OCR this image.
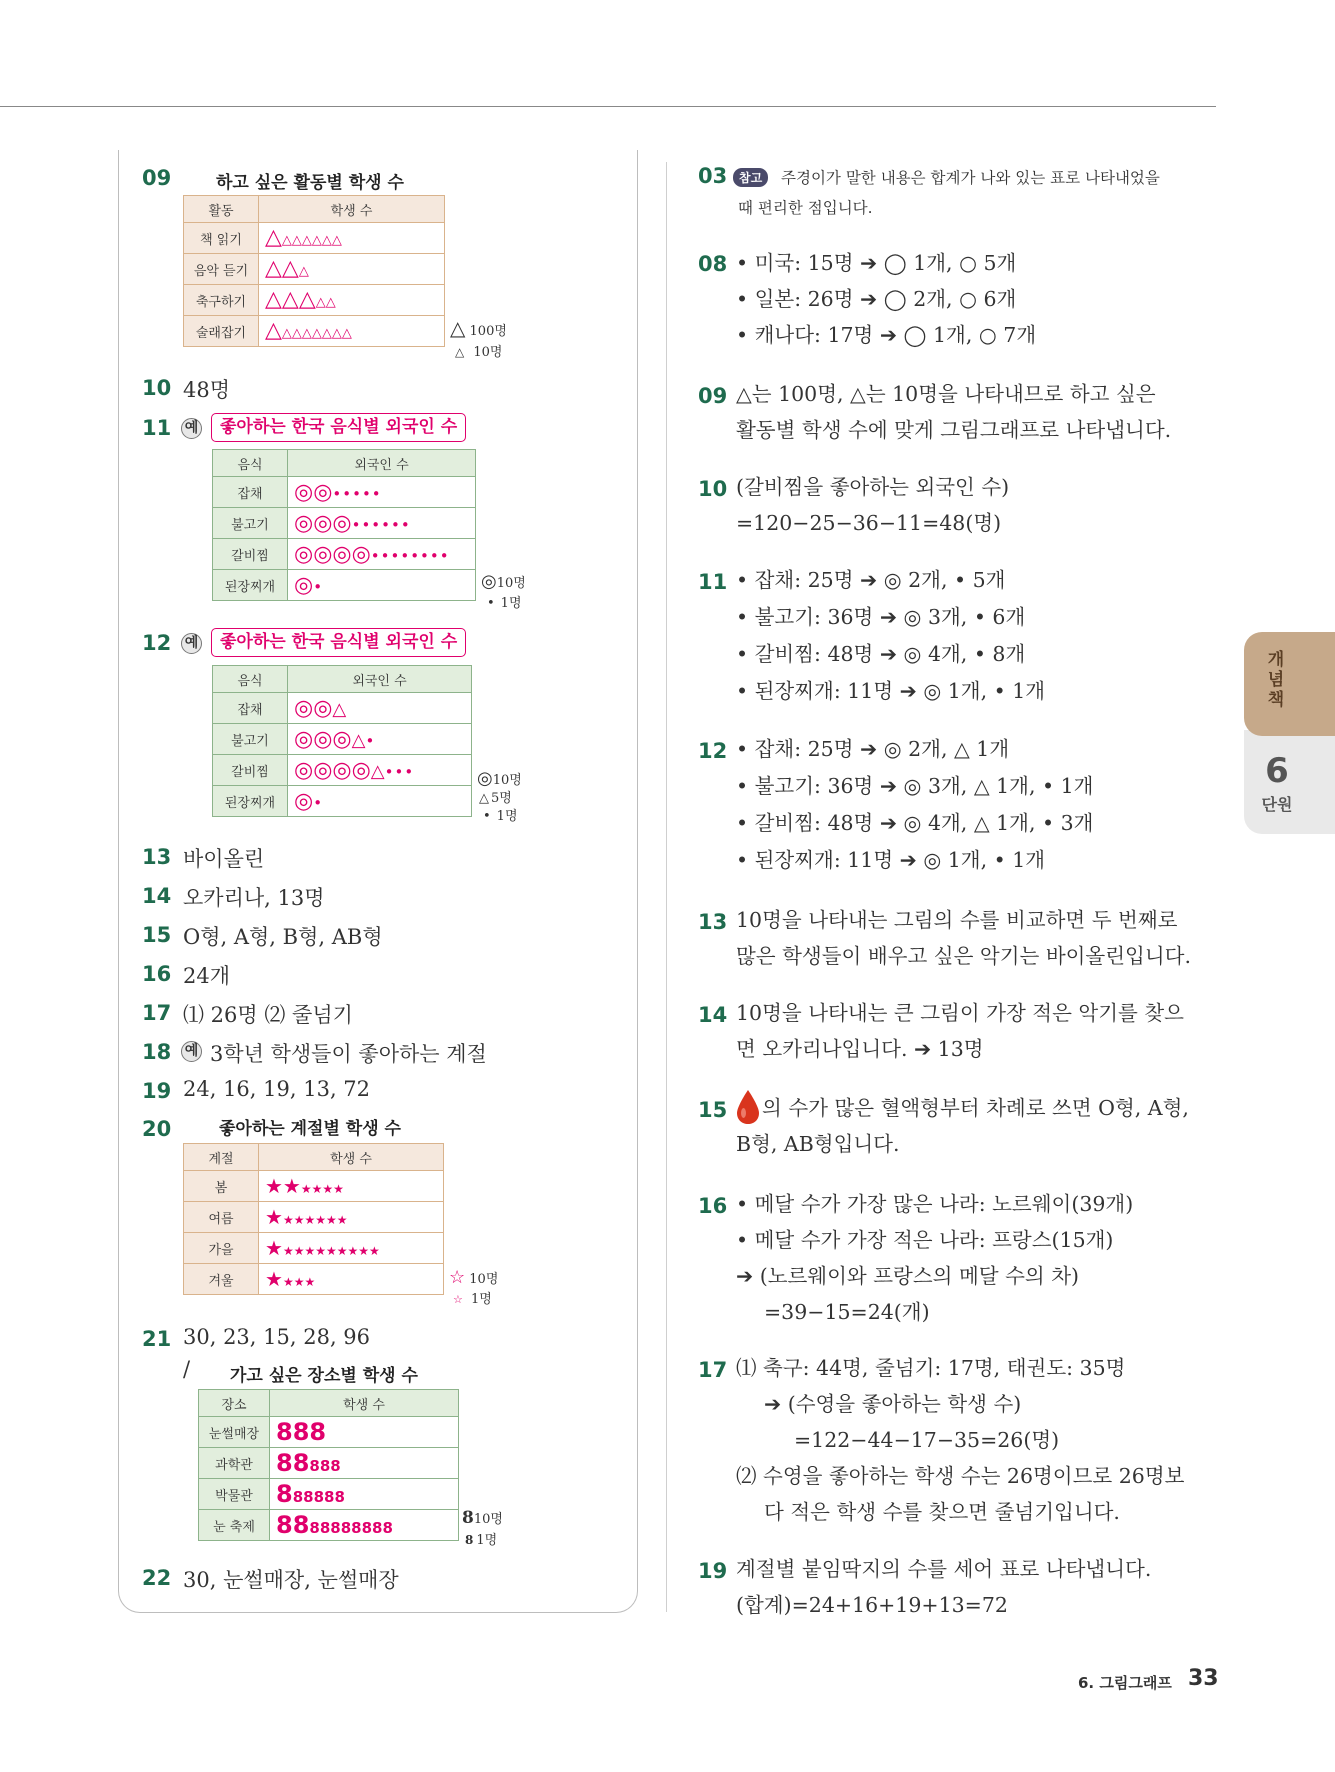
09	하고 싶은 활동별 학생 수
활동	학생 수
책 읽기	△△△△△△△
음악 듣기	△△△
축구하기	△△△△△
술래잡기	△△△△△△△△	△ 100명
△ 10명
10 48명
11 예	좋아하는 한국 음식별 외국인 수
음식	외국인 수
잡채	◎◎•••••
불고기	◎◎◎••••••
갈비찜	◎◎◎◎••••••••
된장찌개	◎•	◎10명
• 1명
12 예	좋아하는 한국 음식별 외국인 수
음식	외국인 수
잡채	◎◎△
불고기	◎◎◎△•
갈비찜	◎◎◎◎△•••
된장찌개	◎•
◎10명
△ 5명
• 1명
13 바이올린
14 오카리나, 13명
15 O형, A형, B형, AB형
16 24개
17 ⑴ 26명 ⑵ 줄넘기
18 예 3학년 학생들이 좋아하는 계절
19 24, 16, 19, 13, 72
20	좋아하는 계절별 학생 수
계절	학생 수
봄	★★★★★★
여름	★★★★★★★
가을	★★★★★★★★★★
겨울	★★★★	☆ 10명
☆ 1명
21 30, 23, 15, 28, 96
/ 가고 싶은 장소별 학생 수
장소	학생 수
눈썰매장	888
과학관	88888
박물관	888888
눈 축제	8888888888	810명
8 1명
22 30, 눈썰매장, 눈썰매장
03 참고	주경이가 말한 내용은 합계가 나와 있는 표로 나타내었을
때 편리한 점입니다.
08 • 미국: 15명 ➔ ◯ 1개, ○ 5개
• 일본: 26명 ➔ ◯ 2개, ○ 6개
• 캐나다: 17명 ➔ ◯ 1개, ○ 7개
09 △는 100명, △는 10명을 나타내므로 하고 싶은
활동별 학생 수에 맞게 그림그래프로 나타냅니다.
10 (갈비찜을 좋아하는 외국인 수)
=120−25−36−11=48(명)
11 • 잡채: 25명 ➔ ◎ 2개, • 5개
• 불고기: 36명 ➔ ◎ 3개, • 6개
• 갈비찜: 48명 ➔ ◎ 4개, • 8개
• 된장찌개: 11명 ➔ ◎ 1개, • 1개
12 • 잡채: 25명 ➔ ◎ 2개, △ 1개
• 불고기: 36명 ➔ ◎ 3개, △ 1개, • 1개
• 갈비찜: 48명 ➔ ◎ 4개, △ 1개, • 3개
• 된장찌개: 11명 ➔ ◎ 1개, • 1개
13 10명을 나타내는 그림의 수를 비교하면 두 번째로
많은 학생들이 배우고 싶은 악기는 바이올린입니다.
14 10명을 나타내는 큰 그림이 가장 적은 악기를 찾으
면 오카리나입니다. ➔ 13명
15	의 수가 많은 혈액형부터 차례로 쓰면 O형, A형,
B형, AB형입니다.
16 • 메달 수가 가장 많은 나라: 노르웨이(39개)
• 메달 수가 가장 적은 나라: 프랑스(15개)
➔ (노르웨이와 프랑스의 메달 수의 차)
=39−15=24(개)
17 ⑴ 축구: 44명, 줄넘기: 17명, 태권도: 35명
➔ (수영을 좋아하는 학생 수)
=122−44−17−35=26(명)
⑵ 수영을 좋아하는 학생 수는 26명이므로 26명보
다 적은 학생 수를 찾으면 줄넘기입니다.
19 계절별 붙임딱지의 수를 세어 표로 나타냅니다.
(합계)=24+16+19+13=72
개념책
6
단원
6. 그림그래프 33
